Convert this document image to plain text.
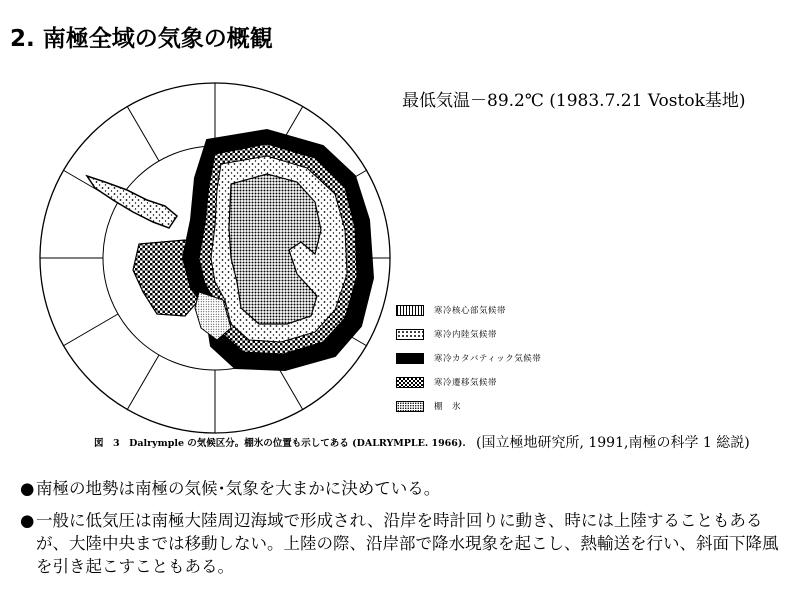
2. 南極全域の気象の概観
最低気温－89.2℃ (1983.7.21 Vostok基地)
寒冷核心部気候帯
寒冷内陸気候帯
寒冷カタバティック気候帯
寒冷遷移気候帯
棚　氷
図　3　Dalrymple の気候区分。棚氷の位置も示してある (DALRYMPLE. 1966). (国立極地研究所, 1991,南極の科学 1 総説)
● 南極の地勢は南極の気候･気象を大まかに決めている。
● 一般に低気圧は南極大陸周辺海域で形成され、沿岸を時計回りに動き、時には上陸することもあるが、大陸中央までは移動しない。上陸の際、沿岸部で降水現象を起こし、熱輸送を行い、斜面下降風を引き起こすこともある。
